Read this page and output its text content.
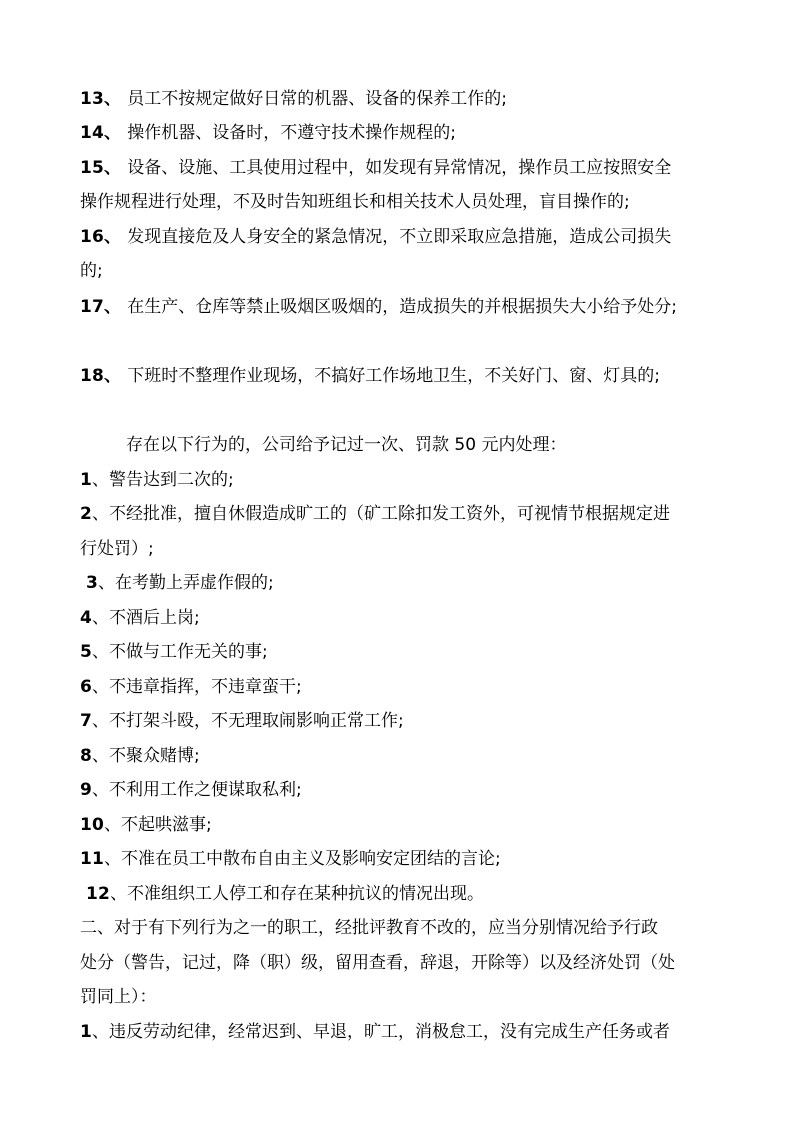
13、 员工不按规定做好日常的机器、设备的保养工作的;
14、 操作机器、设备时，不遵守技术操作规程的;
15、 设备、设施、工具使用过程中，如发现有异常情况，操作员工应按照安全
操作规程进行处理，不及时告知班组长和相关技术人员处理，盲目操作的;
16、 发现直接危及人身安全的紧急情况，不立即采取应急措施，造成公司损失
的;
17、 在生产、仓库等禁止吸烟区吸烟的，造成损失的并根据损失大小给予处分;
18、 下班时不整理作业现场，不搞好工作场地卫生，不关好门、窗、灯具的;
存在以下行为的，公司给予记过一次、罚款 50 元内处理：
1、警告达到二次的;
2、不经批准，擅自休假造成旷工的（矿工除扣发工资外，可视情节根据规定进
行处罚）;
3、在考勤上弄虚作假的;
4、不酒后上岗;
5、不做与工作无关的事;
6、不违章指挥，不违章蛮干;
7、不打架斗殴，不无理取闹影响正常工作;
8、不聚众赌博;
9、不利用工作之便谋取私利;
10、不起哄滋事;
11、不准在员工中散布自由主义及影响安定团结的言论;
12、不准组织工人停工和存在某种抗议的情况出现。
二、对于有下列行为之一的职工，经批评教育不改的，应当分别情况给予行政
处分（警告，记过，降（职）级，留用查看，辞退，开除等）以及经济处罚（处
罚同上）：
1、违反劳动纪律，经常迟到、早退，旷工，消极怠工，没有完成生产任务或者
